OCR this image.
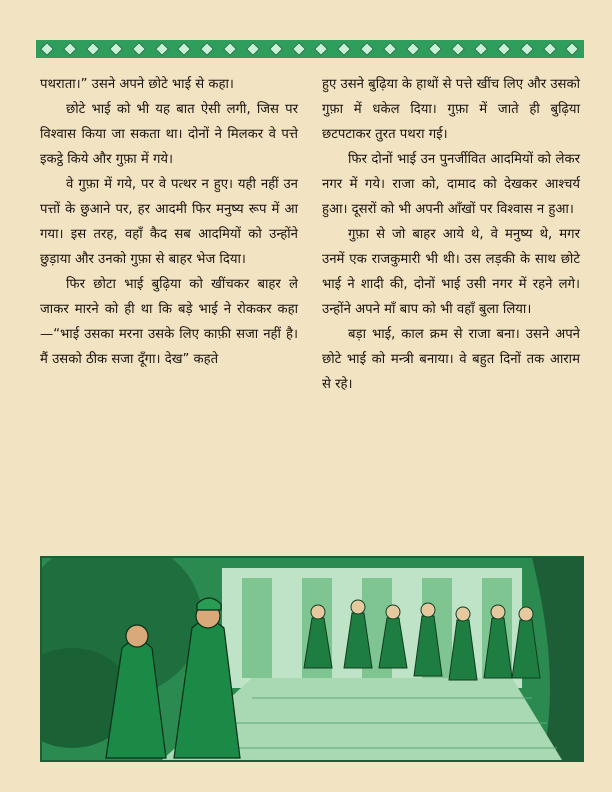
पथराता।” उसने अपने छोटे भाई से कहा।

छोटे भाई को भी यह बात ऐसी लगी, जिस पर विश्वास किया जा सकता था। दोनों ने मिलकर वे पत्ते इकट्ठे किये और गुफ़ा में गये।

वे गुफ़ा में गये, पर वे पत्थर न हुए। यही नहीं उन पत्तों के छुआने पर, हर आदमी फिर मनुष्य रूप में आ गया। इस तरह, वहाँ कैद सब आदमियों को उन्होंने छुड़ाया और उनको गुफ़ा से बाहर भेज दिया।

फिर छोटा भाई बुढ़िया को खींचकर बाहर ले जाकर मारने को ही था कि बड़े भाई ने रोककर कहा—“भाई उसका मरना उसके लिए काफ़ी सजा नहीं है। मैं उसको ठीक सजा दूँगा। देख” कहते

हुए उसने बुढ़िया के हाथों से पत्ते खींच लिए और उसको गुफ़ा में धकेल दिया। गुफ़ा में जाते ही बुढ़िया छटपटाकर तुरत पथरा गई।

फिर दोनों भाई उन पुनर्जीवित आदमियों को लेकर नगर में गये। राजा को, दामाद को देखकर आश्चर्य हुआ। दूसरों को भी अपनी आँखों पर विश्वास न हुआ।

गुफ़ा से जो बाहर आये थे, वे मनुष्य थे, मगर उनमें एक राजकुमारी भी थी। उस लड़की के साथ छोटे भाई ने शादी की, दोनों भाई उसी नगर में रहने लगे। उन्होंने अपने माँ बाप को भी वहाँ बुला लिया।

बड़ा भाई, काल क्रम से राजा बना। उसने अपने छोटे भाई को मन्त्री बनाया। वे बहुत दिनों तक आराम से रहे।
